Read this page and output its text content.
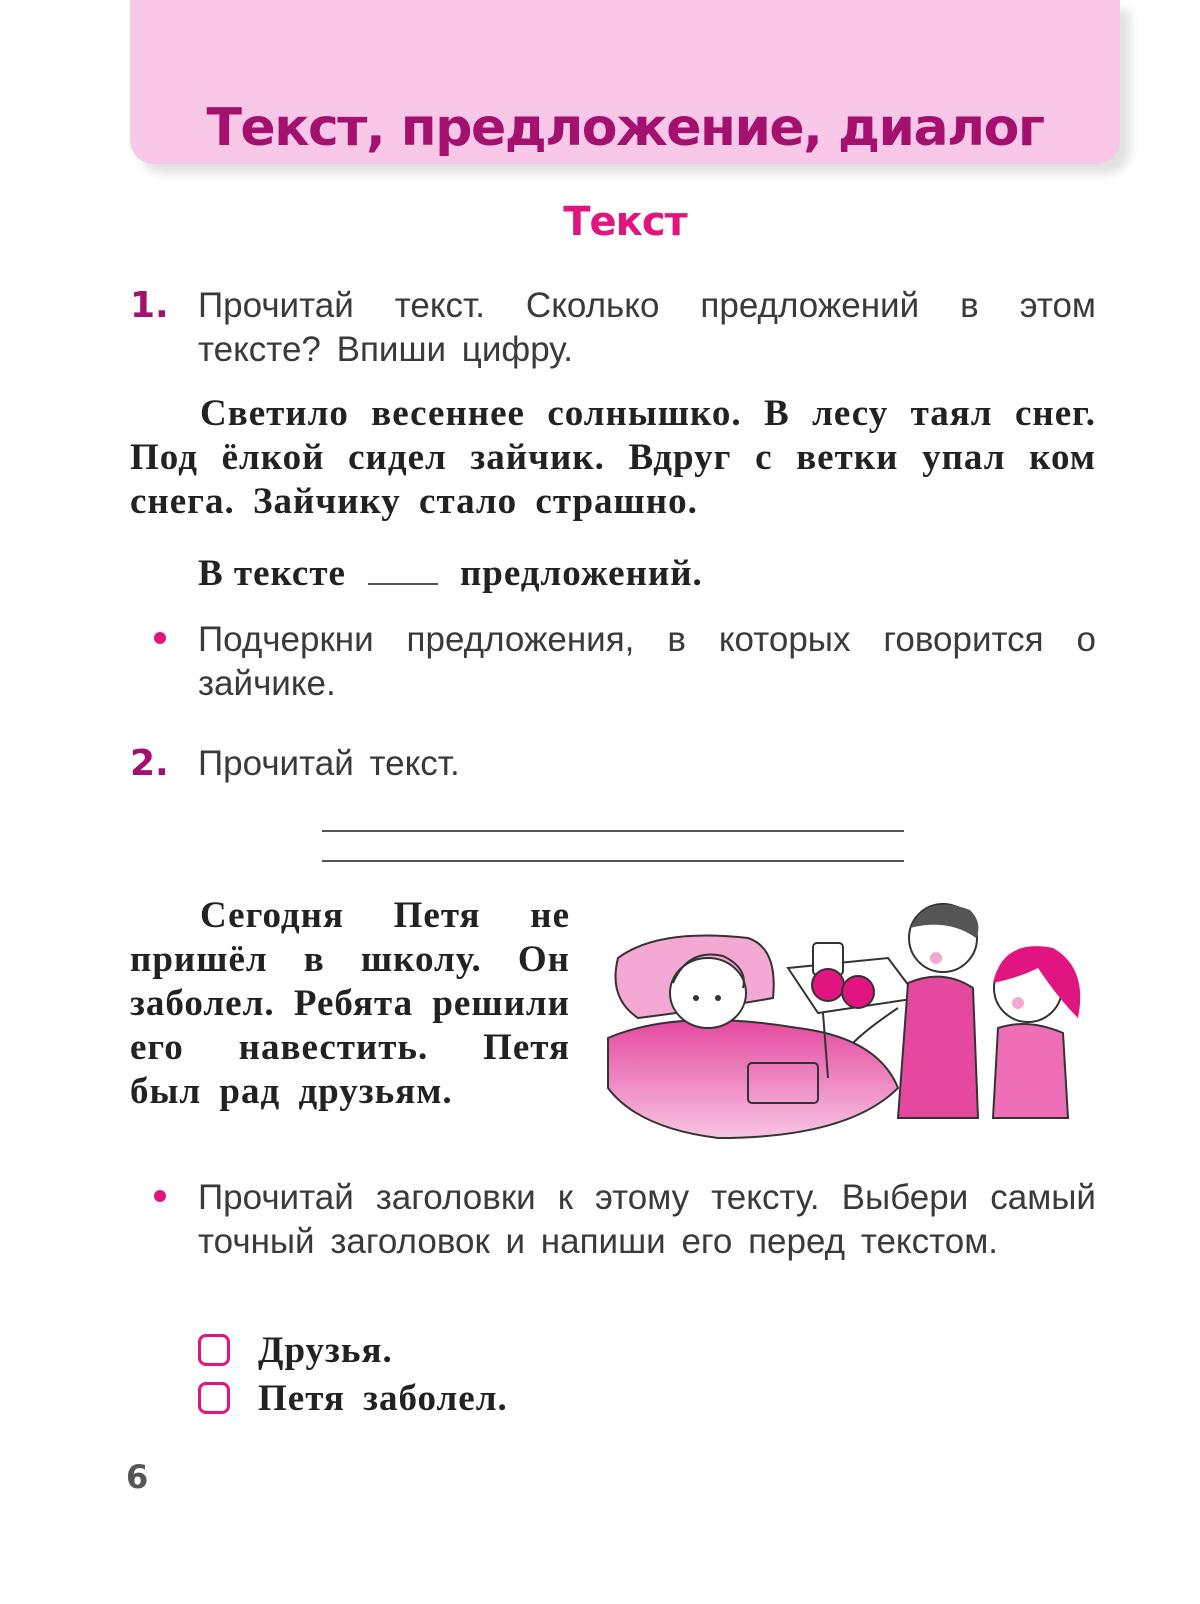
Текст, предложение, диалог
Текст
1. Прочитай текст. Сколько предложений в этом тексте? Впиши цифру.

Светило весеннее солнышко. В лесу таял снег. Под ёлкой сидел зайчик. Вдруг с ветки упал ком снега. Зайчику стало страшно.

В тексте	предложений.

Подчеркни предложения, в которых говорится о зайчике.

2. Прочитай текст.

Сегодня Петя не пришёл в школу. Он заболел. Ребята решили его навестить. Петя был рад друзьям.

Прочитай заголовки к этому тексту. Выбери самый точный заголовок и напиши его перед текстом.

Друзья.
Петя заболел.
6
